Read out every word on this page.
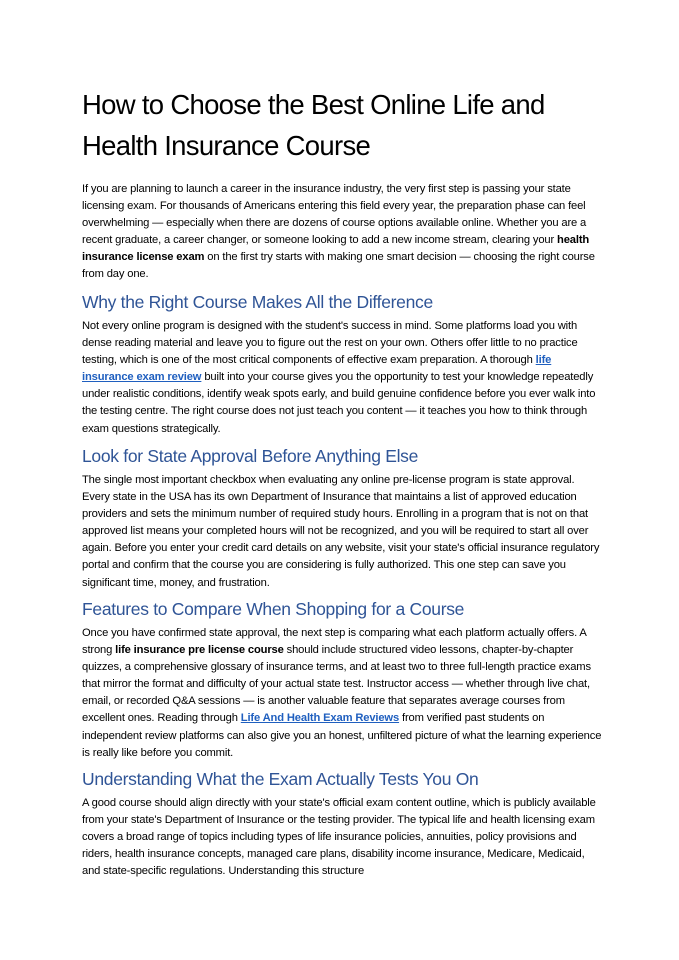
How to Choose the Best Online Life and Health Insurance Course

If you are planning to launch a career in the insurance industry, the very first step is passing your state licensing exam. For thousands of Americans entering this field every year, the preparation phase can feel overwhelming — especially when there are dozens of course options available online. Whether you are a recent graduate, a career changer, or someone looking to add a new income stream, clearing your health insurance license exam on the first try starts with making one smart decision — choosing the right course from day one.

Why the Right Course Makes All the Difference

Not every online program is designed with the student's success in mind. Some platforms load you with dense reading material and leave you to figure out the rest on your own. Others offer little to no practice testing, which is one of the most critical components of effective exam preparation. A thorough life insurance exam review built into your course gives you the opportunity to test your knowledge repeatedly under realistic conditions, identify weak spots early, and build genuine confidence before you ever walk into the testing centre. The right course does not just teach you content — it teaches you how to think through exam questions strategically.

Look for State Approval Before Anything Else

The single most important checkbox when evaluating any online pre-license program is state approval. Every state in the USA has its own Department of Insurance that maintains a list of approved education providers and sets the minimum number of required study hours. Enrolling in a program that is not on that approved list means your completed hours will not be recognized, and you will be required to start all over again. Before you enter your credit card details on any website, visit your state's official insurance regulatory portal and confirm that the course you are considering is fully authorized. This one step can save you significant time, money, and frustration.

Features to Compare When Shopping for a Course

Once you have confirmed state approval, the next step is comparing what each platform actually offers. A strong life insurance pre license course should include structured video lessons, chapter-by-chapter quizzes, a comprehensive glossary of insurance terms, and at least two to three full-length practice exams that mirror the format and difficulty of your actual state test. Instructor access — whether through live chat, email, or recorded Q&A sessions — is another valuable feature that separates average courses from excellent ones. Reading through Life And Health Exam Reviews from verified past students on independent review platforms can also give you an honest, unfiltered picture of what the learning experience is really like before you commit.

Understanding What the Exam Actually Tests You On

A good course should align directly with your state's official exam content outline, which is publicly available from your state's Department of Insurance or the testing provider. The typical life and health licensing exam covers a broad range of topics including types of life insurance policies, annuities, policy provisions and riders, health insurance concepts, managed care plans, disability income insurance, Medicare, Medicaid, and state-specific regulations. Understanding this structure
